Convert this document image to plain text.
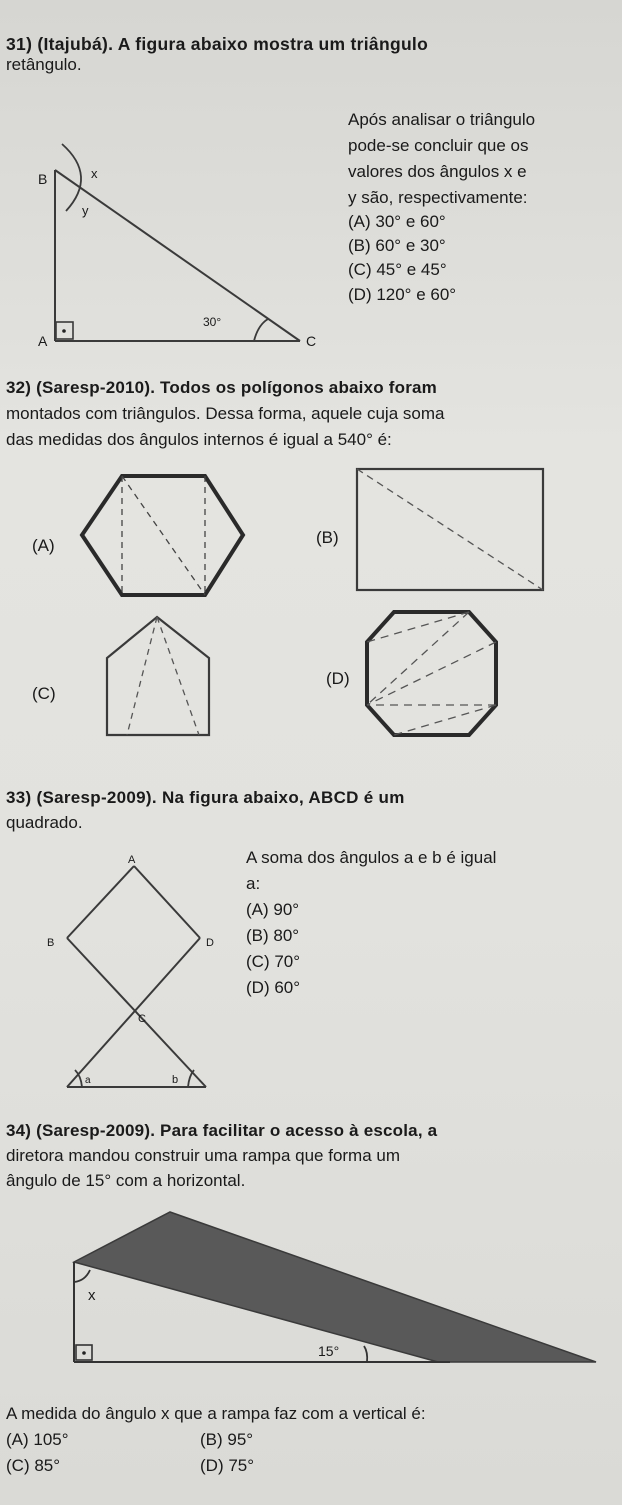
31) (Itajubá). A figura abaixo mostra um triângulo
retângulo.
B	x
y
A	C
30°
Após analisar o triângulo
pode-se concluir que os
valores dos ângulos x e
y são, respectivamente:
(A) 30° e 60°
(B) 60° e 30°
(C) 45° e 45°
(D) 120° e 60°
32) (Saresp-2010). Todos os polígonos abaixo foram
montados com triângulos. Dessa forma, aquele cuja soma
das medidas dos ângulos internos é igual a 540° é:
(A)	(B)
(C)
(D)
33) (Saresp-2009). Na figura abaixo, ABCD é um
quadrado.
A
B	D
C
a	b
A soma dos ângulos a e b é igual
a:
(A) 90°
(B) 80°
(C) 70°
(D) 60°
34) (Saresp-2009). Para facilitar o acesso à escola, a
diretora mandou construir uma rampa que forma um
ângulo de 15° com a horizontal.
x
15°
A medida do ângulo x que a rampa faz com a vertical é:
(A) 105°	(B) 95°
(C) 85°	(D) 75°
